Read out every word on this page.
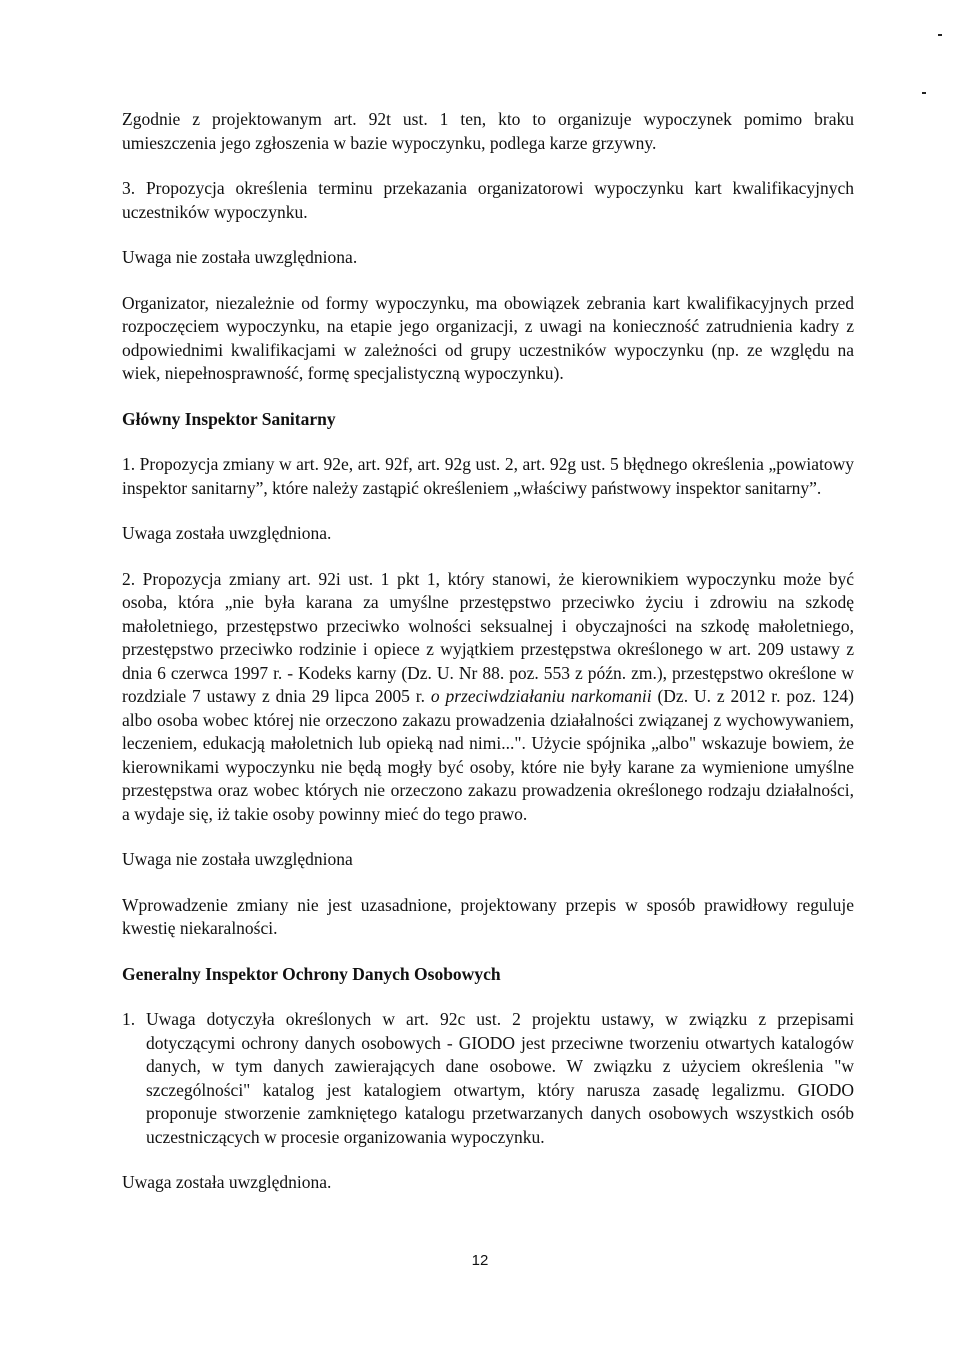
Zgodnie z projektowanym art. 92t ust. 1 ten, kto to organizuje wypoczynek pomimo braku umieszczenia jego zgłoszenia w bazie wypoczynku, podlega karze grzywny.

3. Propozycja określenia terminu przekazania organizatorowi wypoczynku kart kwalifikacyjnych uczestników wypoczynku.

Uwaga nie została uwzględniona.

Organizator, niezależnie od formy wypoczynku, ma obowiązek zebrania kart kwalifikacyjnych przed rozpoczęciem wypoczynku, na etapie jego organizacji, z uwagi na konieczność zatrudnienia kadry z odpowiednimi kwalifikacjami w zależności od grupy uczestników wypoczynku (np. ze względu na wiek, niepełnosprawność, formę specjalistyczną wypoczynku).

Główny Inspektor Sanitarny

1. Propozycja zmiany w art. 92e, art. 92f, art. 92g ust. 2, art. 92g ust. 5 błędnego określenia „powiatowy inspektor sanitarny”, które należy zastąpić określeniem „właściwy państwowy inspektor sanitarny”.

Uwaga została uwzględniona.

2. Propozycja zmiany art. 92i ust. 1 pkt 1, który stanowi, że kierownikiem wypoczynku może być osoba, która „nie była karana za umyślne przestępstwo przeciwko życiu i zdrowiu na szkodę małoletniego, przestępstwo przeciwko wolności seksualnej i obyczajności na szkodę małoletniego, przestępstwo przeciwko rodzinie i opiece z wyjątkiem przestępstwa określonego w art. 209 ustawy z dnia 6 czerwca 1997 r. - Kodeks karny (Dz. U. Nr 88. poz. 553 z późn. zm.), przestępstwo określone w rozdziale 7 ustawy z dnia 29 lipca 2005 r. o przeciwdziałaniu narkomanii (Dz. U. z 2012 r. poz. 124) albo osoba wobec której nie orzeczono zakazu prowadzenia działalności związanej z wychowywaniem, leczeniem, edukacją małoletnich lub opieką nad nimi...". Użycie spójnika „albo" wskazuje bowiem, że kierownikami wypoczynku nie będą mogły być osoby, które nie były karane za wymienione umyślne przestępstwa oraz wobec których nie orzeczono zakazu prowadzenia określonego rodzaju działalności, a wydaje się, iż takie osoby powinny mieć do tego prawo.

Uwaga nie została uwzględniona

Wprowadzenie zmiany nie jest uzasadnione, projektowany przepis w sposób prawidłowy reguluje kwestię niekaralności.

Generalny Inspektor Ochrony Danych Osobowych

1. Uwaga dotyczyła określonych w art. 92c ust. 2 projektu ustawy, w związku z przepisami dotyczącymi ochrony danych osobowych - GIODO jest przeciwne tworzeniu otwartych katalogów danych, w tym danych zawierających dane osobowe. W związku z użyciem określenia "w szczególności" katalog jest katalogiem otwartym, który narusza zasadę legalizmu. GIODO proponuje stworzenie zamkniętego katalogu przetwarzanych danych osobowych wszystkich osób uczestniczących w procesie organizowania wypoczynku.

Uwaga została uwzględniona.

12
